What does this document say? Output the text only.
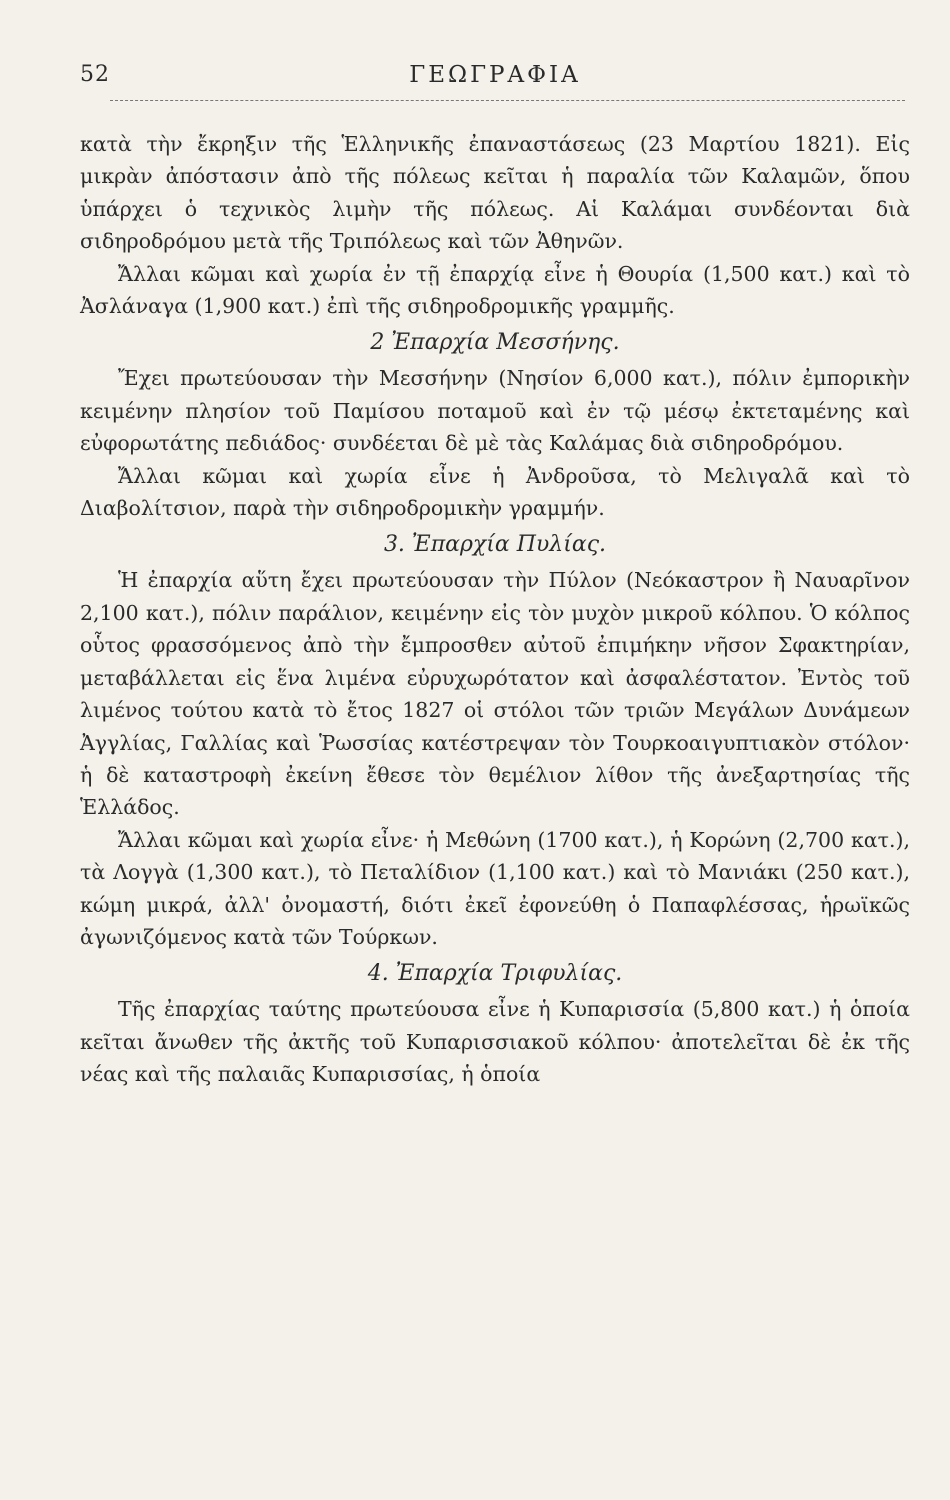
52	ΓΕΩΓΡΑΦΙΑ

κατὰ τὴν ἔκρηξιν τῆς Ἑλληνικῆς ἐπαναστάσεως (23 Μαρτίου 1821). Εἰς μικρὰν ἀπόστασιν ἀπὸ τῆς πόλεως κεῖται ἡ παραλία τῶν Καλαμῶν, ὅπου ὑπάρχει ὁ τεχνικὸς λιμὴν τῆς πόλεως. Αἱ Καλάμαι συνδέονται διὰ σιδηροδρόμου μετὰ τῆς Τριπόλεως καὶ τῶν Ἀθηνῶν.

Ἄλλαι κῶμαι καὶ χωρία ἐν τῇ ἐπαρχίᾳ εἶνε ἡ Θουρία (1,500 κατ.) καὶ τὸ Ἀσλάναγα (1,900 κατ.) ἐπὶ τῆς σιδηροδρομικῆς γραμμῆς.

2 Ἐπαρχία Μεσσήνης.

Ἔχει πρωτεύουσαν τὴν Μεσσήνην (Νησίον 6,000 κατ.), πόλιν ἐμπορικὴν κειμένην πλησίον τοῦ Παμίσου ποταμοῦ καὶ ἐν τῷ μέσῳ ἐκτεταμένης καὶ εὐφορωτάτης πεδιάδος· συνδέεται δὲ μὲ τὰς Καλάμας διὰ σιδηροδρόμου.

Ἄλλαι κῶμαι καὶ χωρία εἶνε ἡ Ἀνδροῦσα, τὸ Μελιγαλᾶ καὶ τὸ Διαβολίτσιον, παρὰ τὴν σιδηροδρομικὴν γραμμήν.

3. Ἐπαρχία Πυλίας.

Ἡ ἐπαρχία αὕτη ἔχει πρωτεύουσαν τὴν Πύλον (Νεόκαστρον ἢ Ναυαρῖνον 2,100 κατ.), πόλιν παράλιον, κειμένην εἰς τὸν μυχὸν μικροῦ κόλπου. Ὁ κόλπος οὗτος φρασσόμενος ἀπὸ τὴν ἔμπροσθεν αὐτοῦ ἐπιμήκην νῆσον Σφακτηρίαν, μεταβάλλεται εἰς ἕνα λιμένα εὐρυχωρότατον καὶ ἀσφαλέστατον. Ἐντὸς τοῦ λιμένος τούτου κατὰ τὸ ἔτος 1827 οἱ στόλοι τῶν τριῶν Μεγάλων Δυνάμεων Ἀγγλίας, Γαλλίας καὶ Ῥωσσίας κατέστρεψαν τὸν Τουρκοαιγυπτιακὸν στόλον· ἡ δὲ καταστροφὴ ἐκείνη ἔθεσε τὸν θεμέλιον λίθον τῆς ἀνεξαρτησίας τῆς Ἑλλάδος.

Ἄλλαι κῶμαι καὶ χωρία εἶνε· ἡ Μεθώνη (1700 κατ.), ἡ Κορώνη (2,700 κατ.), τὰ Λογγὰ (1,300 κατ.), τὸ Πεταλίδιον (1,100 κατ.) καὶ τὸ Μανιάκι (250 κατ.), κώμη μικρά, ἀλλ' ὀνομαστή, διότι ἐκεῖ ἐφονεύθη ὁ Παπαφλέσσας, ἡρωϊκῶς ἀγωνιζόμενος κατὰ τῶν Τούρκων.

4. Ἐπαρχία Τριφυλίας.

Τῆς ἐπαρχίας ταύτης πρωτεύουσα εἶνε ἡ Κυπαρισσία (5,800 κατ.) ἡ ὁποία κεῖται ἄνωθεν τῆς ἀκτῆς τοῦ Κυπαρισσιακοῦ κόλπου· ἀποτελεῖται δὲ ἐκ τῆς νέας καὶ τῆς παλαιᾶς Κυπαρισσίας, ἡ ὁποία
